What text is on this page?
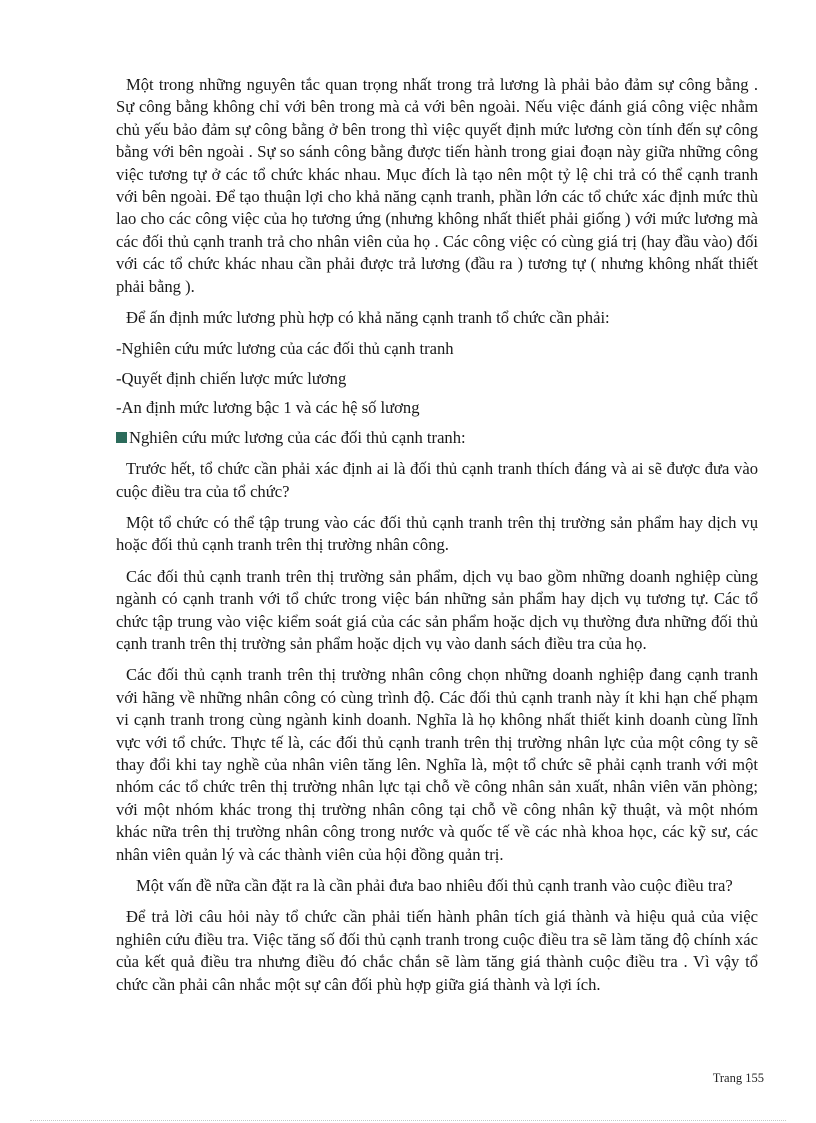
Một trong những nguyên tắc quan trọng nhất trong trả lương là phải bảo đảm sự công bằng . Sự công bằng không chỉ với bên trong mà cả với bên ngoài. Nếu việc đánh giá công việc nhằm chủ yếu bảo đảm sự công bằng ở bên trong thì việc quyết định mức lương còn tính đến sự công bằng với bên ngoài . Sự so sánh công bằng được tiến hành trong giai đoạn này giữa những công việc tương tự ở các tổ chức khác nhau. Mục đích là tạo nên một tỷ lệ chi trả có thể cạnh tranh với bên ngoài. Để tạo thuận lợi cho khả năng cạnh tranh, phần lớn các tổ chức xác định mức thù lao cho các công việc của họ tương ứng (nhưng không nhất thiết phải giống ) với mức lương mà các đối thủ cạnh tranh trả cho nhân viên của họ . Các công việc có cùng giá trị (hay đầu vào) đối với các tổ chức khác nhau cần phải được trả lương (đầu ra ) tương tự ( nhưng không nhất thiết phải bằng ).

Để ấn định mức lương phù hợp có khả năng cạnh tranh tổ chức cần phải:

-Nghiên cứu mức lương của các đối thủ cạnh tranh

-Quyết định chiến lược mức lương

-An định mức lương bậc 1 và các hệ số lương

Nghiên cứu mức lương của các đối thủ cạnh tranh:

Trước hết, tổ chức cần phải xác định ai là đối thủ cạnh tranh thích đáng và ai sẽ được đưa vào cuộc điều tra của tổ chức?

Một tổ chức có thể tập trung vào các đối thủ cạnh tranh trên thị trường sản phẩm hay dịch vụ hoặc đối thủ cạnh tranh trên thị trường nhân công.

Các đối thủ cạnh tranh trên thị trường sản phẩm, dịch vụ bao gồm những doanh nghiệp cùng ngành có cạnh tranh với tổ chức trong việc bán những sản phẩm hay dịch vụ tương tự. Các tổ chức tập trung vào việc kiểm soát giá của các sản phẩm hoặc dịch vụ thường đưa những đối thủ cạnh tranh trên thị trường sản phẩm hoặc dịch vụ vào danh sách điều tra của họ.

Các đối thủ cạnh tranh trên thị trường nhân công chọn những doanh nghiệp đang cạnh tranh với hãng về những nhân công có cùng trình độ. Các đối thủ cạnh tranh này ít khi hạn chế phạm vi cạnh tranh trong cùng ngành kinh doanh. Nghĩa là họ không nhất thiết kinh doanh cùng lĩnh vực với tổ chức. Thực tế là, các đối thủ cạnh tranh trên thị trường nhân lực của một công ty sẽ thay đổi khi tay nghề của nhân viên tăng lên. Nghĩa là, một tổ chức sẽ phải cạnh tranh với một nhóm các tổ chức trên thị trường nhân lực tại chỗ về công nhân sản xuất, nhân viên văn phòng; với một nhóm khác trong thị trường nhân công tại chỗ về công nhân kỹ thuật, và một nhóm khác nữa trên thị trường nhân công trong nước và quốc tế về các nhà khoa học, các kỹ sư, các nhân viên quản lý và các thành viên của hội đồng quản trị.

Một vấn đề nữa cần đặt ra là cần phải đưa bao nhiêu đối thủ cạnh tranh vào cuộc điều tra?

Để trả lời câu hỏi này tổ chức cần phải tiến hành phân tích giá thành và hiệu quả của việc nghiên cứu điều tra. Việc tăng số đối thủ cạnh tranh trong cuộc điều tra sẽ làm tăng độ chính xác của kết quả điều tra nhưng điều đó chắc chắn sẽ làm tăng giá thành cuộc điều tra . Vì vậy tổ chức cần phải cân nhắc một sự cân đối phù hợp giữa giá thành và lợi ích.

Trang 155
